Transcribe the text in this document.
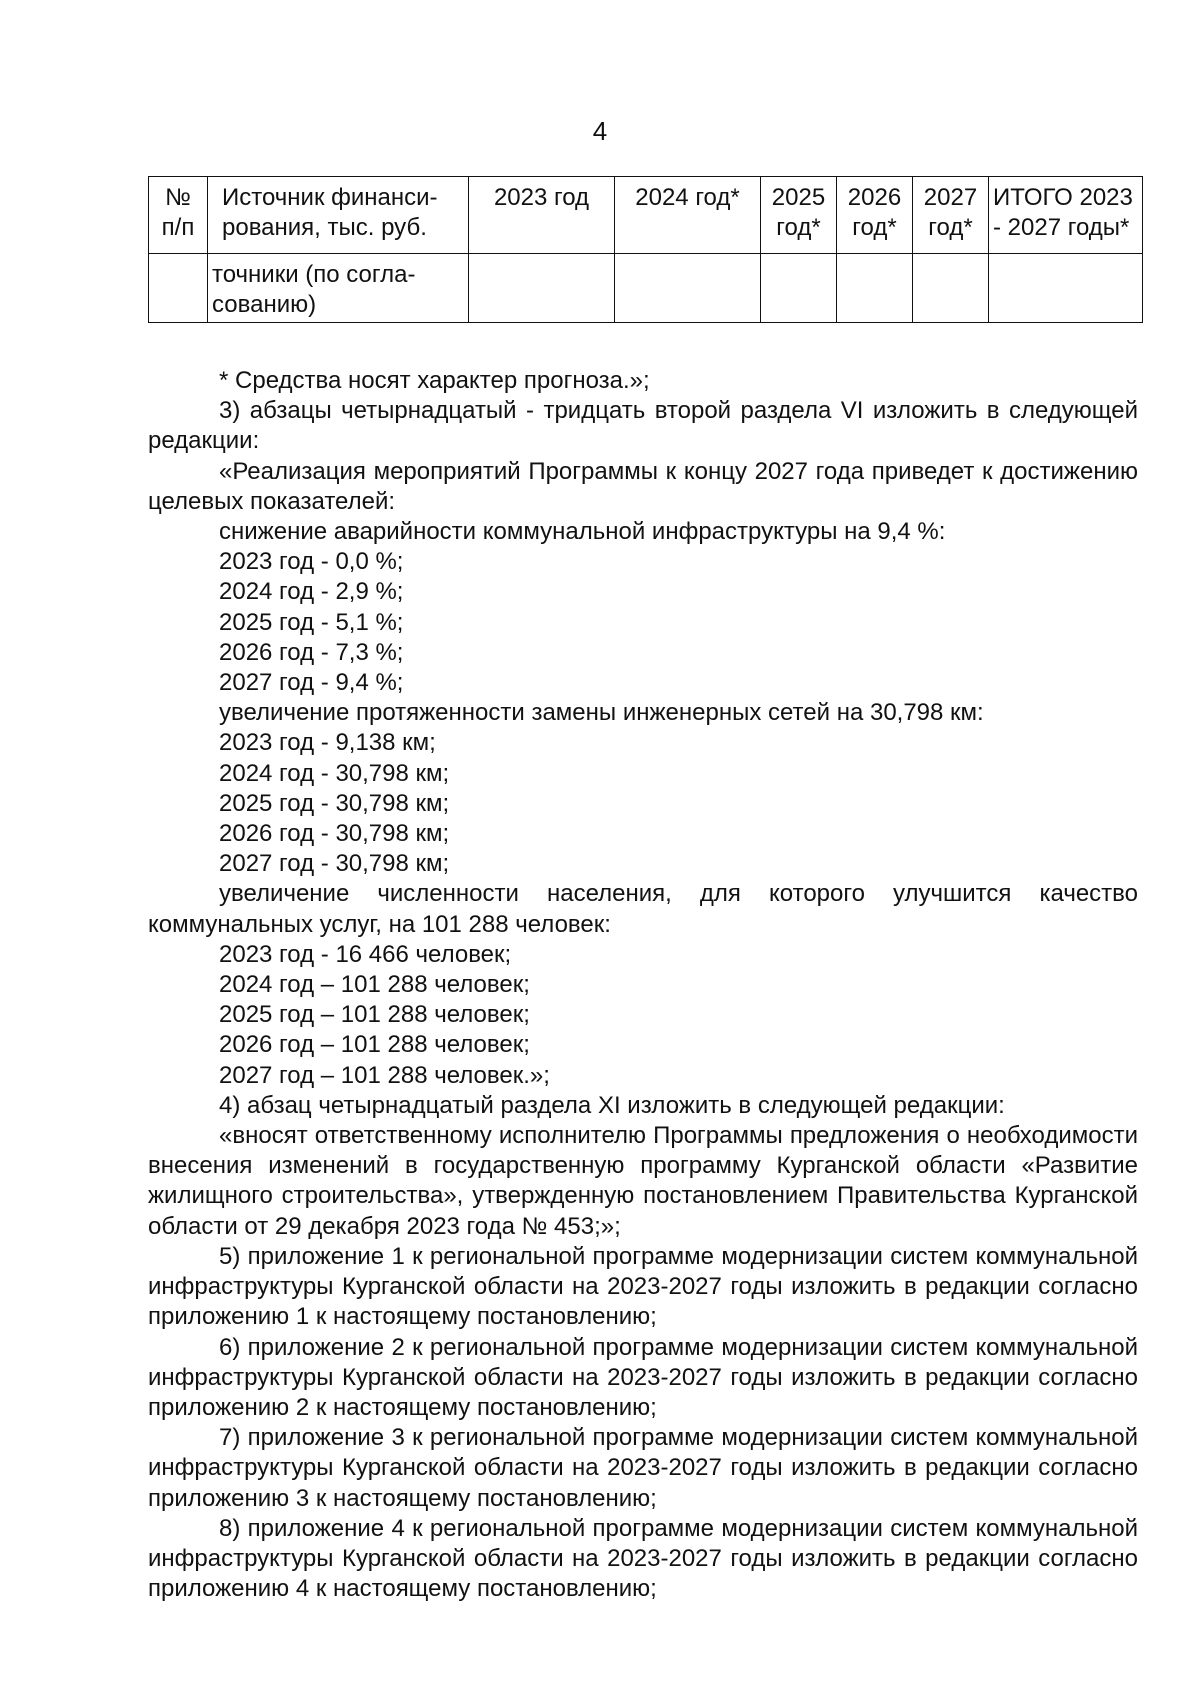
4
№ п/п	Источник финанси-рования, тыс. руб.	2023 год	2024 год*	2025 год*	2026 год*	2027 год*	ИТОГО 2023 - 2027 годы*
	точники (по согла-сованию)						

* Средства носят характер прогноза.»;

3) абзацы четырнадцатый - тридцать второй раздела VI изложить в следующей редакции:

«Реализация мероприятий Программы к концу 2027 года приведет к достижению целевых показателей:

снижение аварийности коммунальной инфраструктуры на 9,4 %:

2023 год - 0,0 %;

2024 год - 2,9 %;

2025 год - 5,1 %;

2026 год - 7,3 %;

2027 год - 9,4 %;

увеличение протяженности замены инженерных сетей на 30,798 км:

2023 год - 9,138 км;

2024 год - 30,798 км;

2025 год - 30,798 км;

2026 год - 30,798 км;

2027 год - 30,798 км;

увеличение численности населения, для которого улучшится качество коммунальных услуг, на 101 288 человек:

2023 год - 16 466 человек;

2024 год – 101 288 человек;

2025 год – 101 288 человек;

2026 год – 101 288 человек;

2027 год – 101 288 человек.»;

4) абзац четырнадцатый раздела XI изложить в следующей редакции:

«вносят ответственному исполнителю Программы предложения о необходимости внесения изменений в государственную программу Курганской области «Развитие жилищного строительства», утвержденную постановлением Правительства Курганской области от 29 декабря 2023 года № 453;»;

5) приложение 1 к региональной программе модернизации систем коммунальной инфраструктуры Курганской области на 2023-2027 годы изложить в редакции согласно приложению 1 к настоящему постановлению;

6) приложение 2 к региональной программе модернизации систем коммунальной инфраструктуры Курганской области на 2023-2027 годы изложить в редакции согласно приложению 2 к настоящему постановлению;

7) приложение 3 к региональной программе модернизации систем коммунальной инфраструктуры Курганской области на 2023-2027 годы изложить в редакции согласно приложению 3 к настоящему постановлению;

8) приложение 4 к региональной программе модернизации систем коммунальной инфраструктуры Курганской области на 2023-2027 годы изложить в редакции согласно приложению 4 к настоящему постановлению;
